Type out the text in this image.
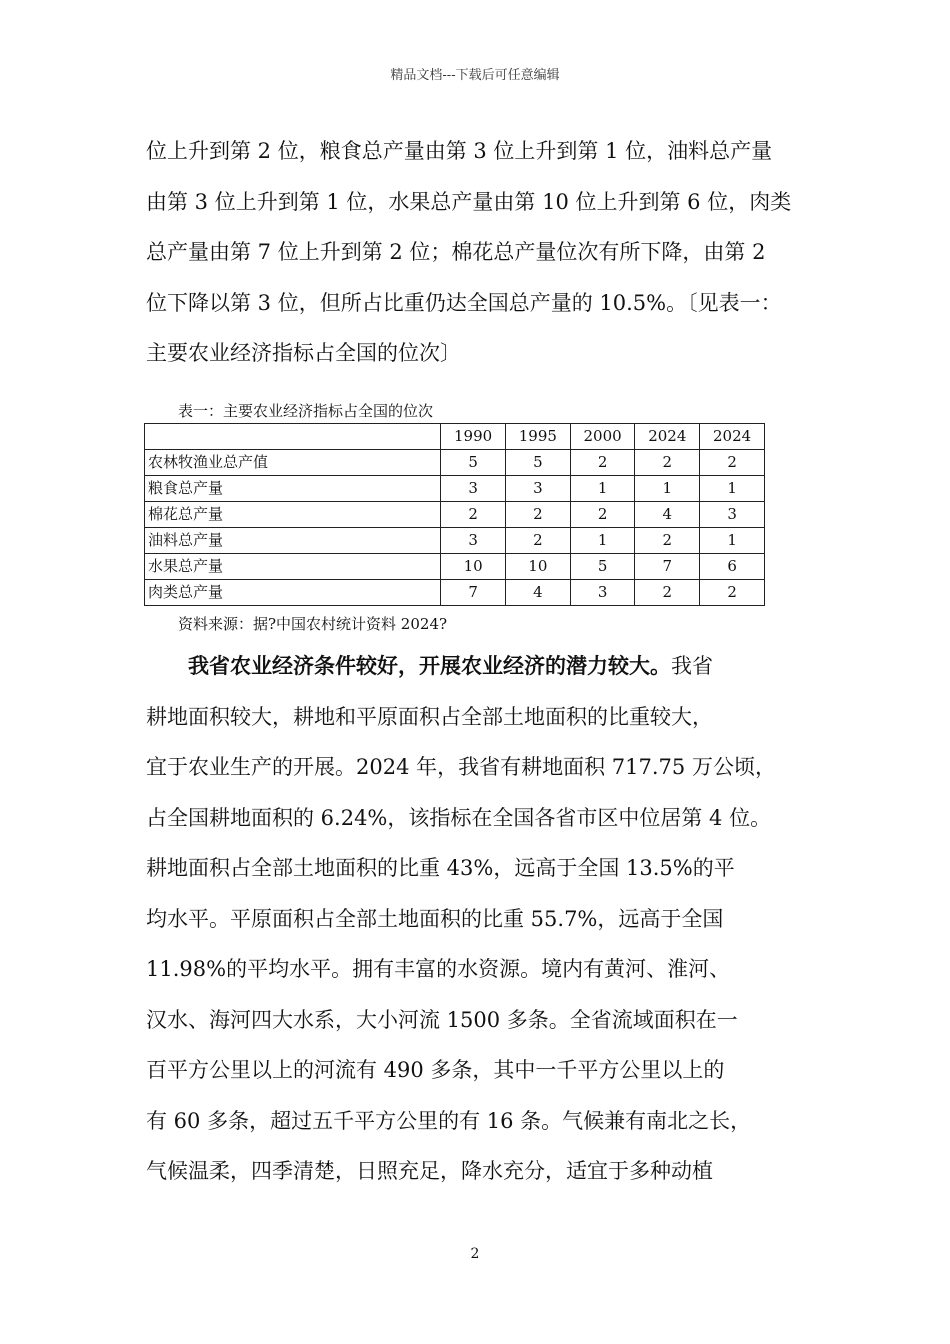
精品文档---下载后可任意编辑
位上升到第 2 位，粮食总产量由第 3 位上升到第 1 位，油料总产量
由第 3 位上升到第 1 位，水果总产量由第 10 位上升到第 6 位，肉类
总产量由第 7 位上升到第 2 位；棉花总产量位次有所下降，由第 2
位下降以第 3 位，但所占比重仍达全国总产量的 10.5%。〔见表一：
主要农业经济指标占全国的位次〕
表一：主要农业经济指标占全国的位次
	1990	1995	2000	2024	2024
农林牧渔业总产值	5	5	2	2	2
粮食总产量	3	3	1	1	1
棉花总产量	2	2	2	4	3
油料总产量	3	2	1	2	1
水果总产量	10	10	5	7	6
肉类总产量	7	4	3	2	2
资料来源：据?中国农村统计资料 2024?
我省农业经济条件较好，开展农业经济的潜力较大。我省
耕地面积较大，耕地和平原面积占全部土地面积的比重较大，
宜于农业生产的开展。2024 年，我省有耕地面积 717.75 万公顷，
占全国耕地面积的 6.24%，该指标在全国各省市区中位居第 4 位。
耕地面积占全部土地面积的比重 43%，远高于全国 13.5%的平
均水平。平原面积占全部土地面积的比重 55.7%，远高于全国
11.98%的平均水平。拥有丰富的水资源。境内有黄河、淮河、
汉水、海河四大水系，大小河流 1500 多条。全省流域面积在一
百平方公里以上的河流有 490 多条，其中一千平方公里以上的
有 60 多条，超过五千平方公里的有 16 条。气候兼有南北之长，
气候温柔，四季清楚，日照充足，降水充分，适宜于多种动植
2
